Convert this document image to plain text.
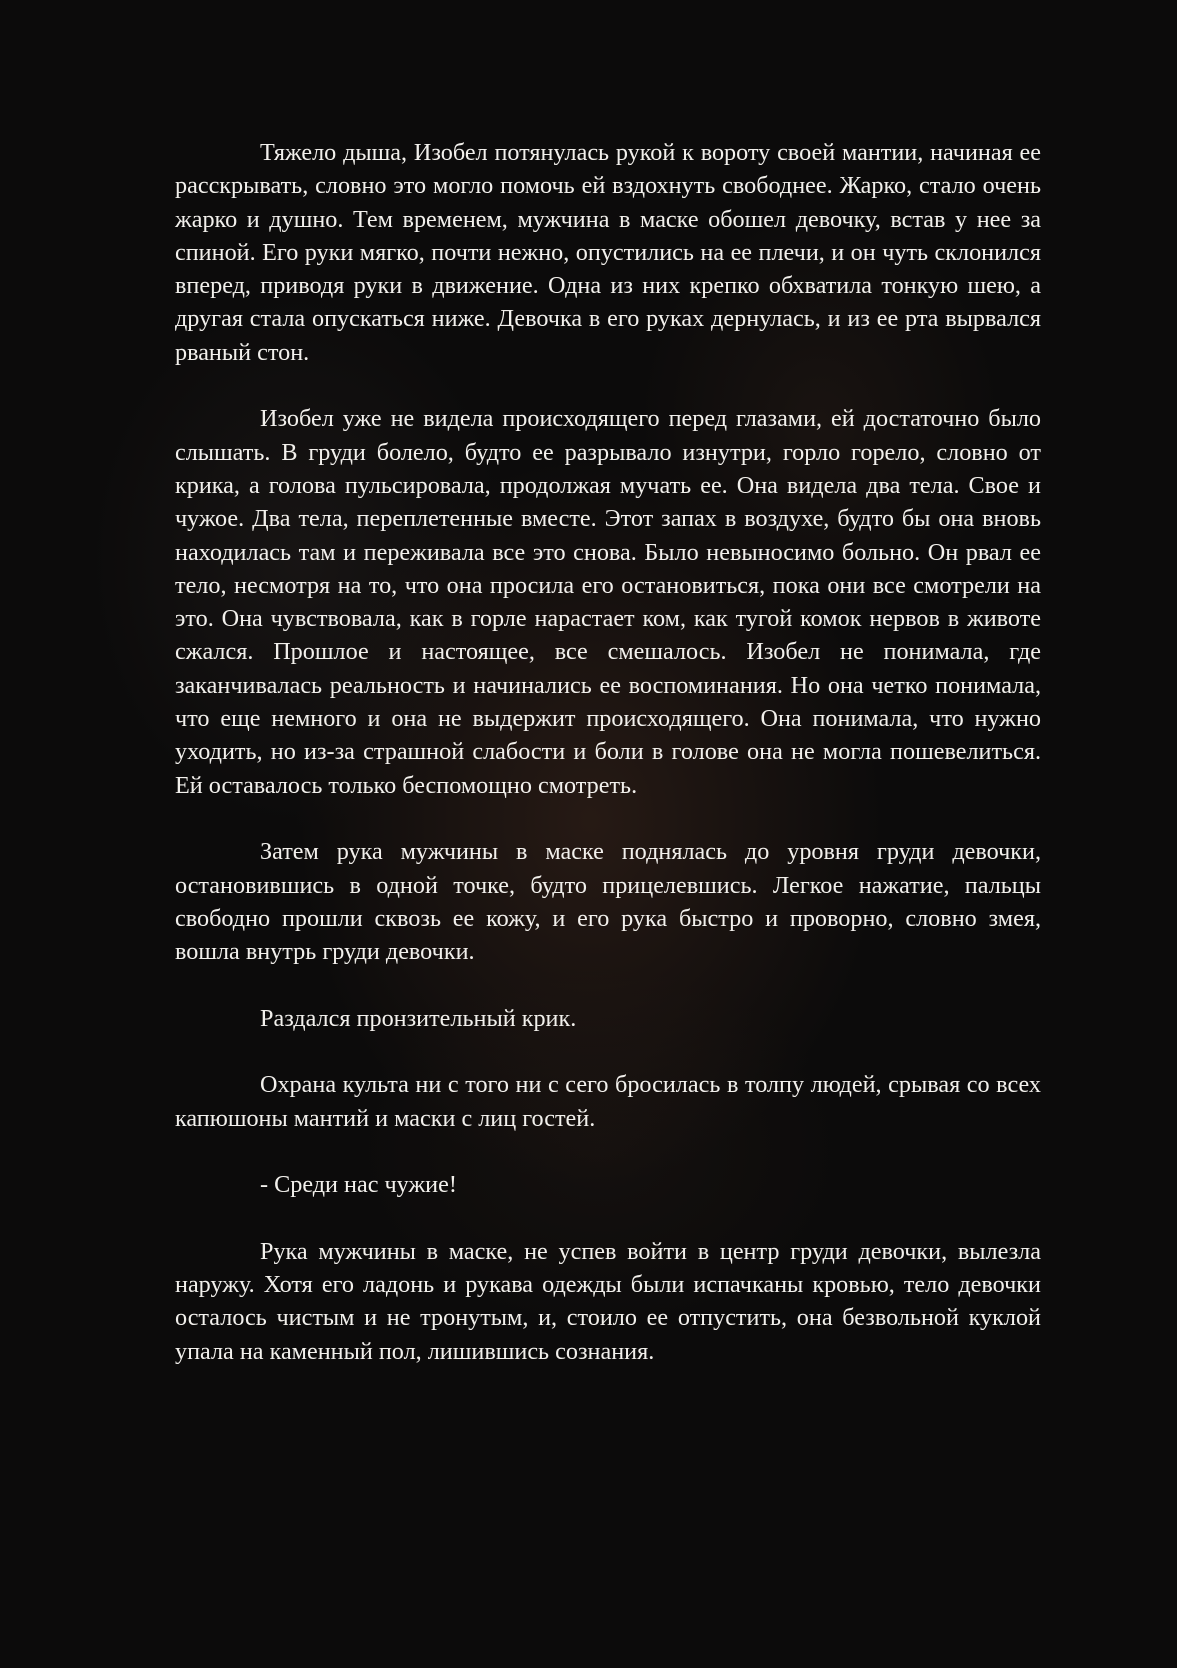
Тяжело дыша, Изобел потянулась рукой к вороту своей мантии, начиная ее расскрывать, словно это могло помочь ей вздохнуть свободнее. Жарко, стало очень жарко и душно. Тем временем, мужчина в маске обошел девочку, встав у нее за спиной. Его руки мягко, почти нежно, опустились на ее плечи, и он чуть склонился вперед, приводя руки в движение. Одна из них крепко обхватила тонкую шею, а другая стала опускаться ниже. Девочка в его руках дернулась, и из ее рта вырвался рваный стон.

Изобел уже не видела происходящего перед глазами, ей достаточно было слышать. В груди болело, будто ее разрывало изнутри, горло горело, словно от крика, а голова пульсировала, продолжая мучать ее. Она видела два тела. Свое и чужое. Два тела, переплетенные вместе. Этот запах в воздухе, будто бы она вновь находилась там и переживала все это снова. Было невыносимо больно. Он рвал ее тело, несмотря на то, что она просила его остановиться, пока они все смотрели на это. Она чувствовала, как в горле нарастает ком, как тугой комок нервов в животе сжался. Прошлое и настоящее, все смешалось. Изобел не понимала, где заканчивалась реальность и начинались ее воспоминания. Но она четко понимала, что еще немного и она не выдержит происходящего. Она понимала, что нужно уходить, но из-за страшной слабости и боли в голове она не могла пошевелиться. Ей оставалось только беспомощно смотреть.

Затем рука мужчины в маске поднялась до уровня груди девочки, остановившись в одной точке, будто прицелевшись. Легкое нажатие, пальцы свободно прошли сквозь ее кожу, и его рука быстро и проворно, словно змея, вошла внутрь груди девочки.

Раздался пронзительный крик.

Охрана культа ни с того ни с сего бросилась в толпу людей, срывая со всех капюшоны мантий и маски с лиц гостей.

- Среди нас чужие!

Рука мужчины в маске, не успев войти в центр груди девочки, вылезла наружу. Хотя его ладонь и рукава одежды были испачканы кровью, тело девочки осталось чистым и не тронутым, и, стоило ее отпустить, она безвольной куклой упала на каменный пол, лишившись сознания.
